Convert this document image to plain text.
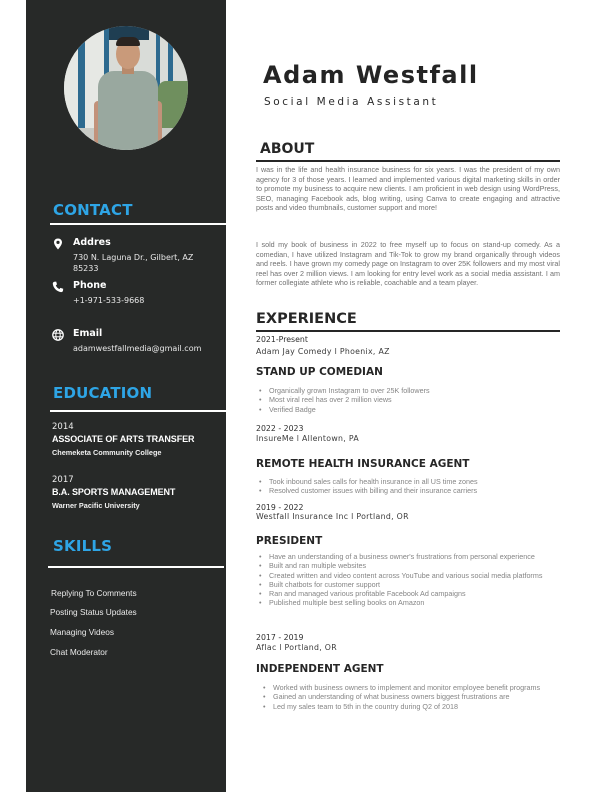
CONTACT
Addres
730 N. Laguna Dr., Gilbert, AZ 85233
Phone
+1-971-533-9668
Email
adamwestfallmedia@gmail.com
EDUCATION
2014
ASSOCIATE OF ARTS TRANSFER
Chemeketa Community College
2017
B.A. SPORTS MANAGEMENT
Warner Pacific University
SKILLS
Replying To Comments
Posting Status Updates
Managing Videos
Chat Moderator
Adam Westfall
Social Media Assistant
ABOUT
I was in the life and health insurance business for six years. I was the president of my own agency for 3 of those years. I learned and implemented various digital marketing skills in order to promote my business to acquire new clients. I am proficient in web design using WordPress, SEO, managing Facebook ads, blog writing, using Canva to create engaging and attractive posts and video thumbnails, customer support and more!
I sold my book of business in 2022 to free myself up to focus on stand-up comedy. As a comedian, I have utilized Instagram and Tik-Tok to grow my brand organically through videos and reels. I have grown my comedy page on Instagram to over 25K followers and my most viral reel has over 2 million views. I am looking for entry level work as a social media assistant. I am former collegiate athlete who is reliable, coachable and a team player.
EXPERIENCE
2021-Present
Adam Jay Comedy l Phoenix, AZ
STAND UP COMEDIAN
• Organically grown Instagram to over 25K followers
• Most viral reel has over 2 million views
• Verified Badge
2022 - 2023
InsureMe l Allentown, PA
REMOTE HEALTH INSURANCE AGENT
• Took inbound sales calls for health insurance in all US time zones
• Resolved customer issues with billing and their insurance carriers
2019 - 2022
Westfall Insurance Inc l Portland, OR
PRESIDENT
• Have an understanding of a business owner's frustrations from personal experience
• Built and ran multiple websites
• Created written and video content across YouTube and various social media platforms
• Built chatbots for customer support
• Ran and managed various profitable Facebook Ad campaigns
• Published multiple best selling books on Amazon
2017 - 2019
Aflac l Portland, OR
INDEPENDENT AGENT
• Worked with business owners to implement and monitor employee benefit programs
• Gained an understanding of what business owners biggest frustrations are
• Led my sales team to 5th in the country during Q2 of 2018
